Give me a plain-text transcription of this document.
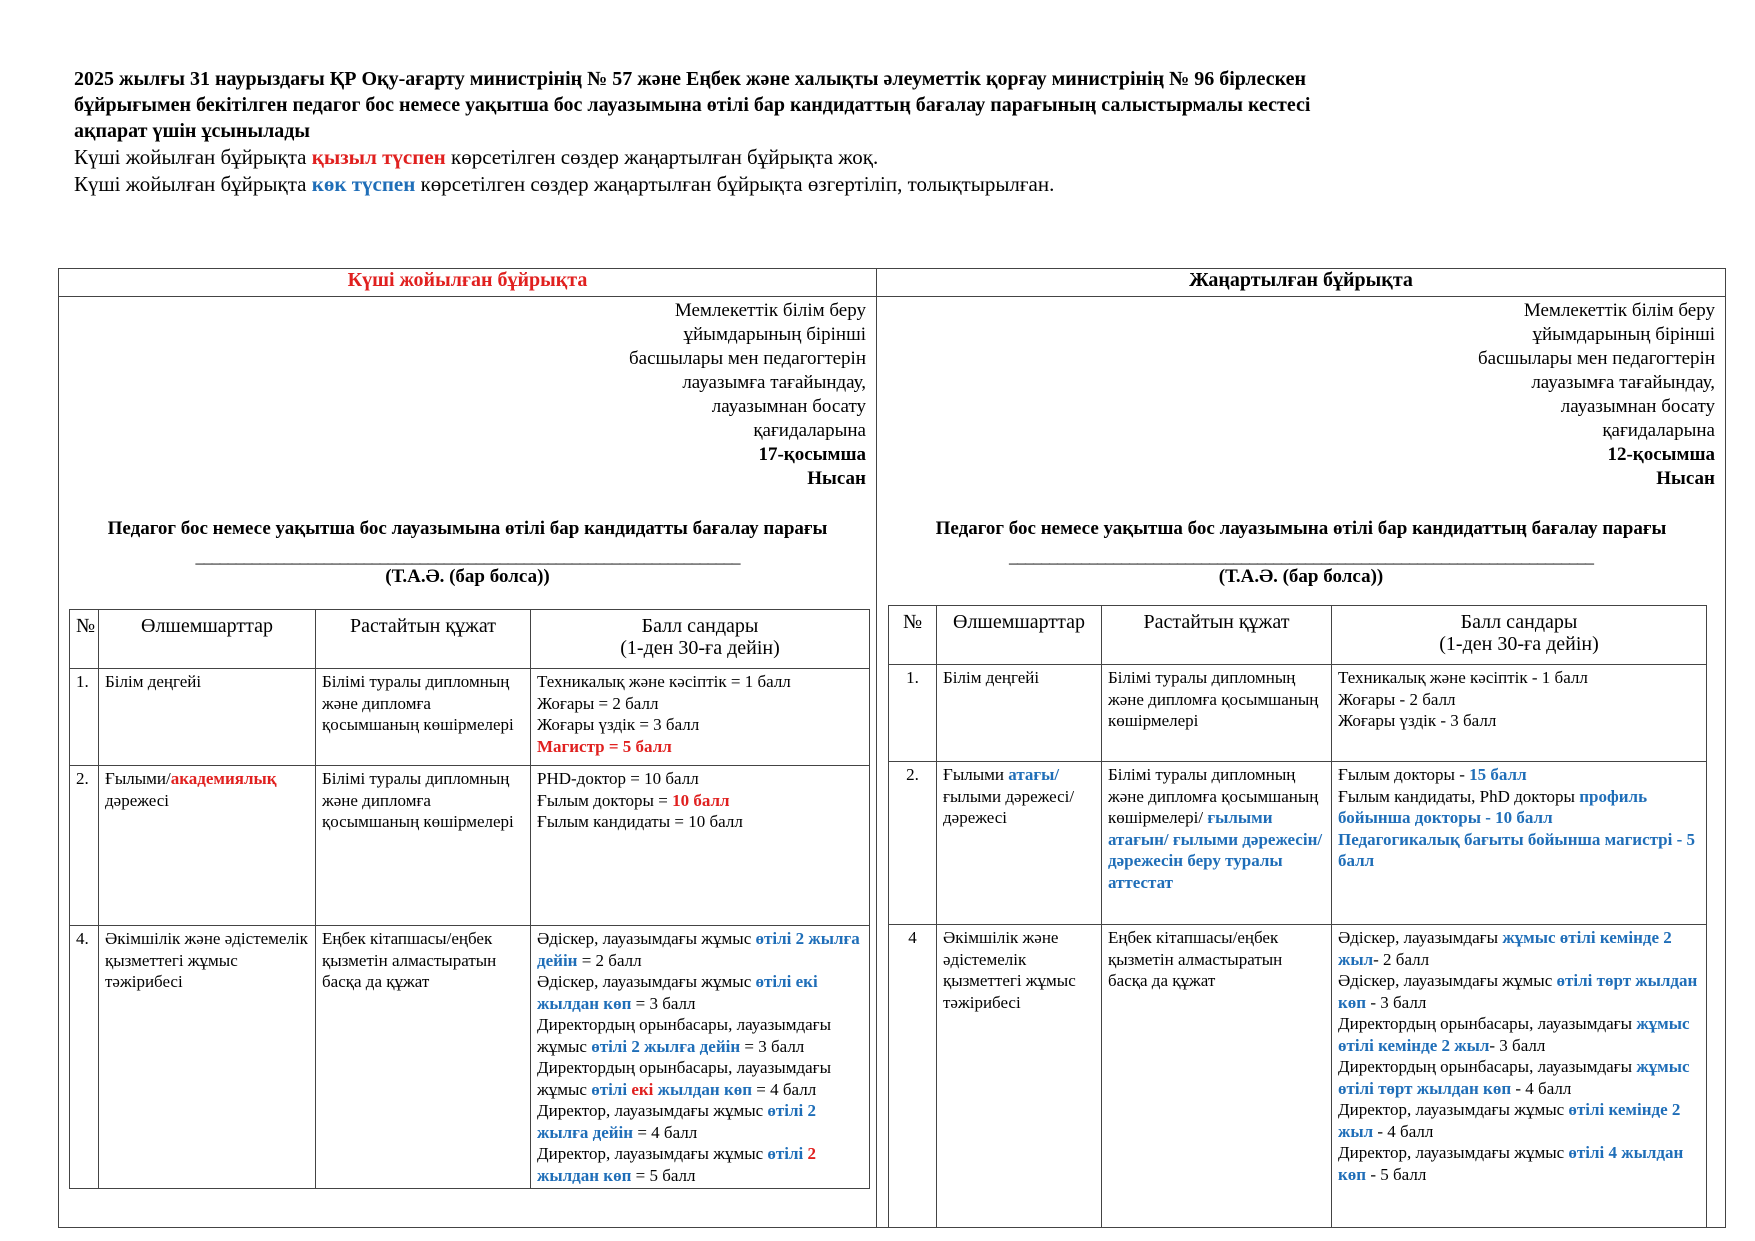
2025 жылғы 31 наурыздағы ҚР Оқу-ағарту министрінің № 57 және Еңбек және халықты әлеуметтік қорғау министрінің № 96 бірлескен
бұйрығымен бекітілген педагог бос немесе уақытша бос лауазымына өтілі бар кандидаттың бағалау парағының салыстырмалы кестесі
ақпарат үшін ұсынылады
Күші жойылған бұйрықта қызыл түспен көрсетілген сөздер жаңартылған бұйрықта жоқ.
Күші жойылған бұйрықта көк түспен көрсетілген сөздер жаңартылған бұйрықта өзгертіліп, толықтырылған.
Күші жойылған бұйрықта	Жаңартылған бұйрықта

Мемлекеттік білім беру
ұйымдарының бірінші
басшылары мен педагогтерін
лауазымға тағайындау,
лауазымнан босату
қағидаларына
17-қосымша
Нысан
Педагог бос немесе уақытша бос лауазымына өтілі бар кандидатты бағалау парағы
____________________________________________________________________
(Т.А.Ә. (бар болса))
№	Өлшемшарттар	Растайтын құжат	Балл сандары
(1-ден 30-ға дейін)

1.	Білім деңгейі	Білімі туралы дипломның және дипломға қосымшаның көшірмелері	
Техникалық және кәсіптік = 1 балл
Жоғары = 2 балл
Жоғары үздік = 3 балл
Магистр = 5 балл

2.	Ғылыми/академиялық
дәрежесі	Білімі туралы дипломның және дипломға қосымшаның көшірмелері	
PHD-доктор = 10 балл
Ғылым докторы = 10 балл
Ғылым кандидаты = 10 балл

4.	Әкімшілік және әдістемелік қызметтегі жұмыс тәжірибесі	Еңбек кітапшасы/еңбек қызметін алмастыратын басқа да құжат	
Әдіскер, лауазымдағы жұмыс өтілі 2 жылға дейін = 2 балл
Әдіскер, лауазымдағы жұмыс өтілі екі жылдан көп = 3 балл
Директордың орынбасары, лауазымдағы жұмыс өтілі 2 жылға дейін = 3 балл
Директордың орынбасары, лауазымдағы жұмыс өтілі екі жылдан көп = 4 балл
Директор, лауазымдағы жұмыс өтілі 2 жылға дейін = 4 балл
Директор, лауазымдағы жұмыс өтілі 2 жылдан көп = 5 балл

Мемлекеттік білім беру
ұйымдарының бірінші
басшылары мен педагогтерін
лауазымға тағайындау,
лауазымнан босату
қағидаларына
12-қосымша
Нысан
Педагог бос немесе уақытша бос лауазымына өтілі бар кандидаттың бағалау парағы
_________________________________________________________________________
(Т.А.Ә. (бар болса))
№	Өлшемшарттар	Растайтын құжат	Балл сандары
(1-ден 30-ға дейін)

1.	Білім деңгейі	Білімі туралы дипломның және дипломға қосымшаның көшірмелері	
Техникалық және кәсіптік - 1 балл
Жоғары - 2 балл
Жоғары үздік - 3 балл

2.	Ғылыми атағы/
ғылыми дәрежесі/ дәрежесі	Білімі туралы дипломның және дипломға қосымшаның көшірмелері/ ғылыми атағын/ ғылыми дәрежесін/дәрежесін беру туралы аттестат	
Ғылым докторы - 15 балл
Ғылым кандидаты, PhD докторы профиль бойынша докторы - 10 балл
Педагогикалық бағыты бойынша магистрі - 5 балл

4	Әкімшілік және әдістемелік қызметтегі жұмыс тәжірибесі	Еңбек кітапшасы/еңбек қызметін алмастыратын басқа да құжат	
Әдіскер, лауазымдағы жұмыс өтілі кемінде 2 жыл- 2 балл
Әдіскер, лауазымдағы жұмыс өтілі төрт жылдан көп - 3 балл
Директордың орынбасары, лауазымдағы жұмыс өтілі кемінде 2 жыл- 3 балл
Директордың орынбасары, лауазымдағы жұмыс өтілі төрт жылдан көп - 4 балл
Директор, лауазымдағы жұмыс өтілі кемінде 2 жыл - 4 балл
Директор, лауазымдағы жұмыс өтілі 4 жылдан көп - 5 балл
